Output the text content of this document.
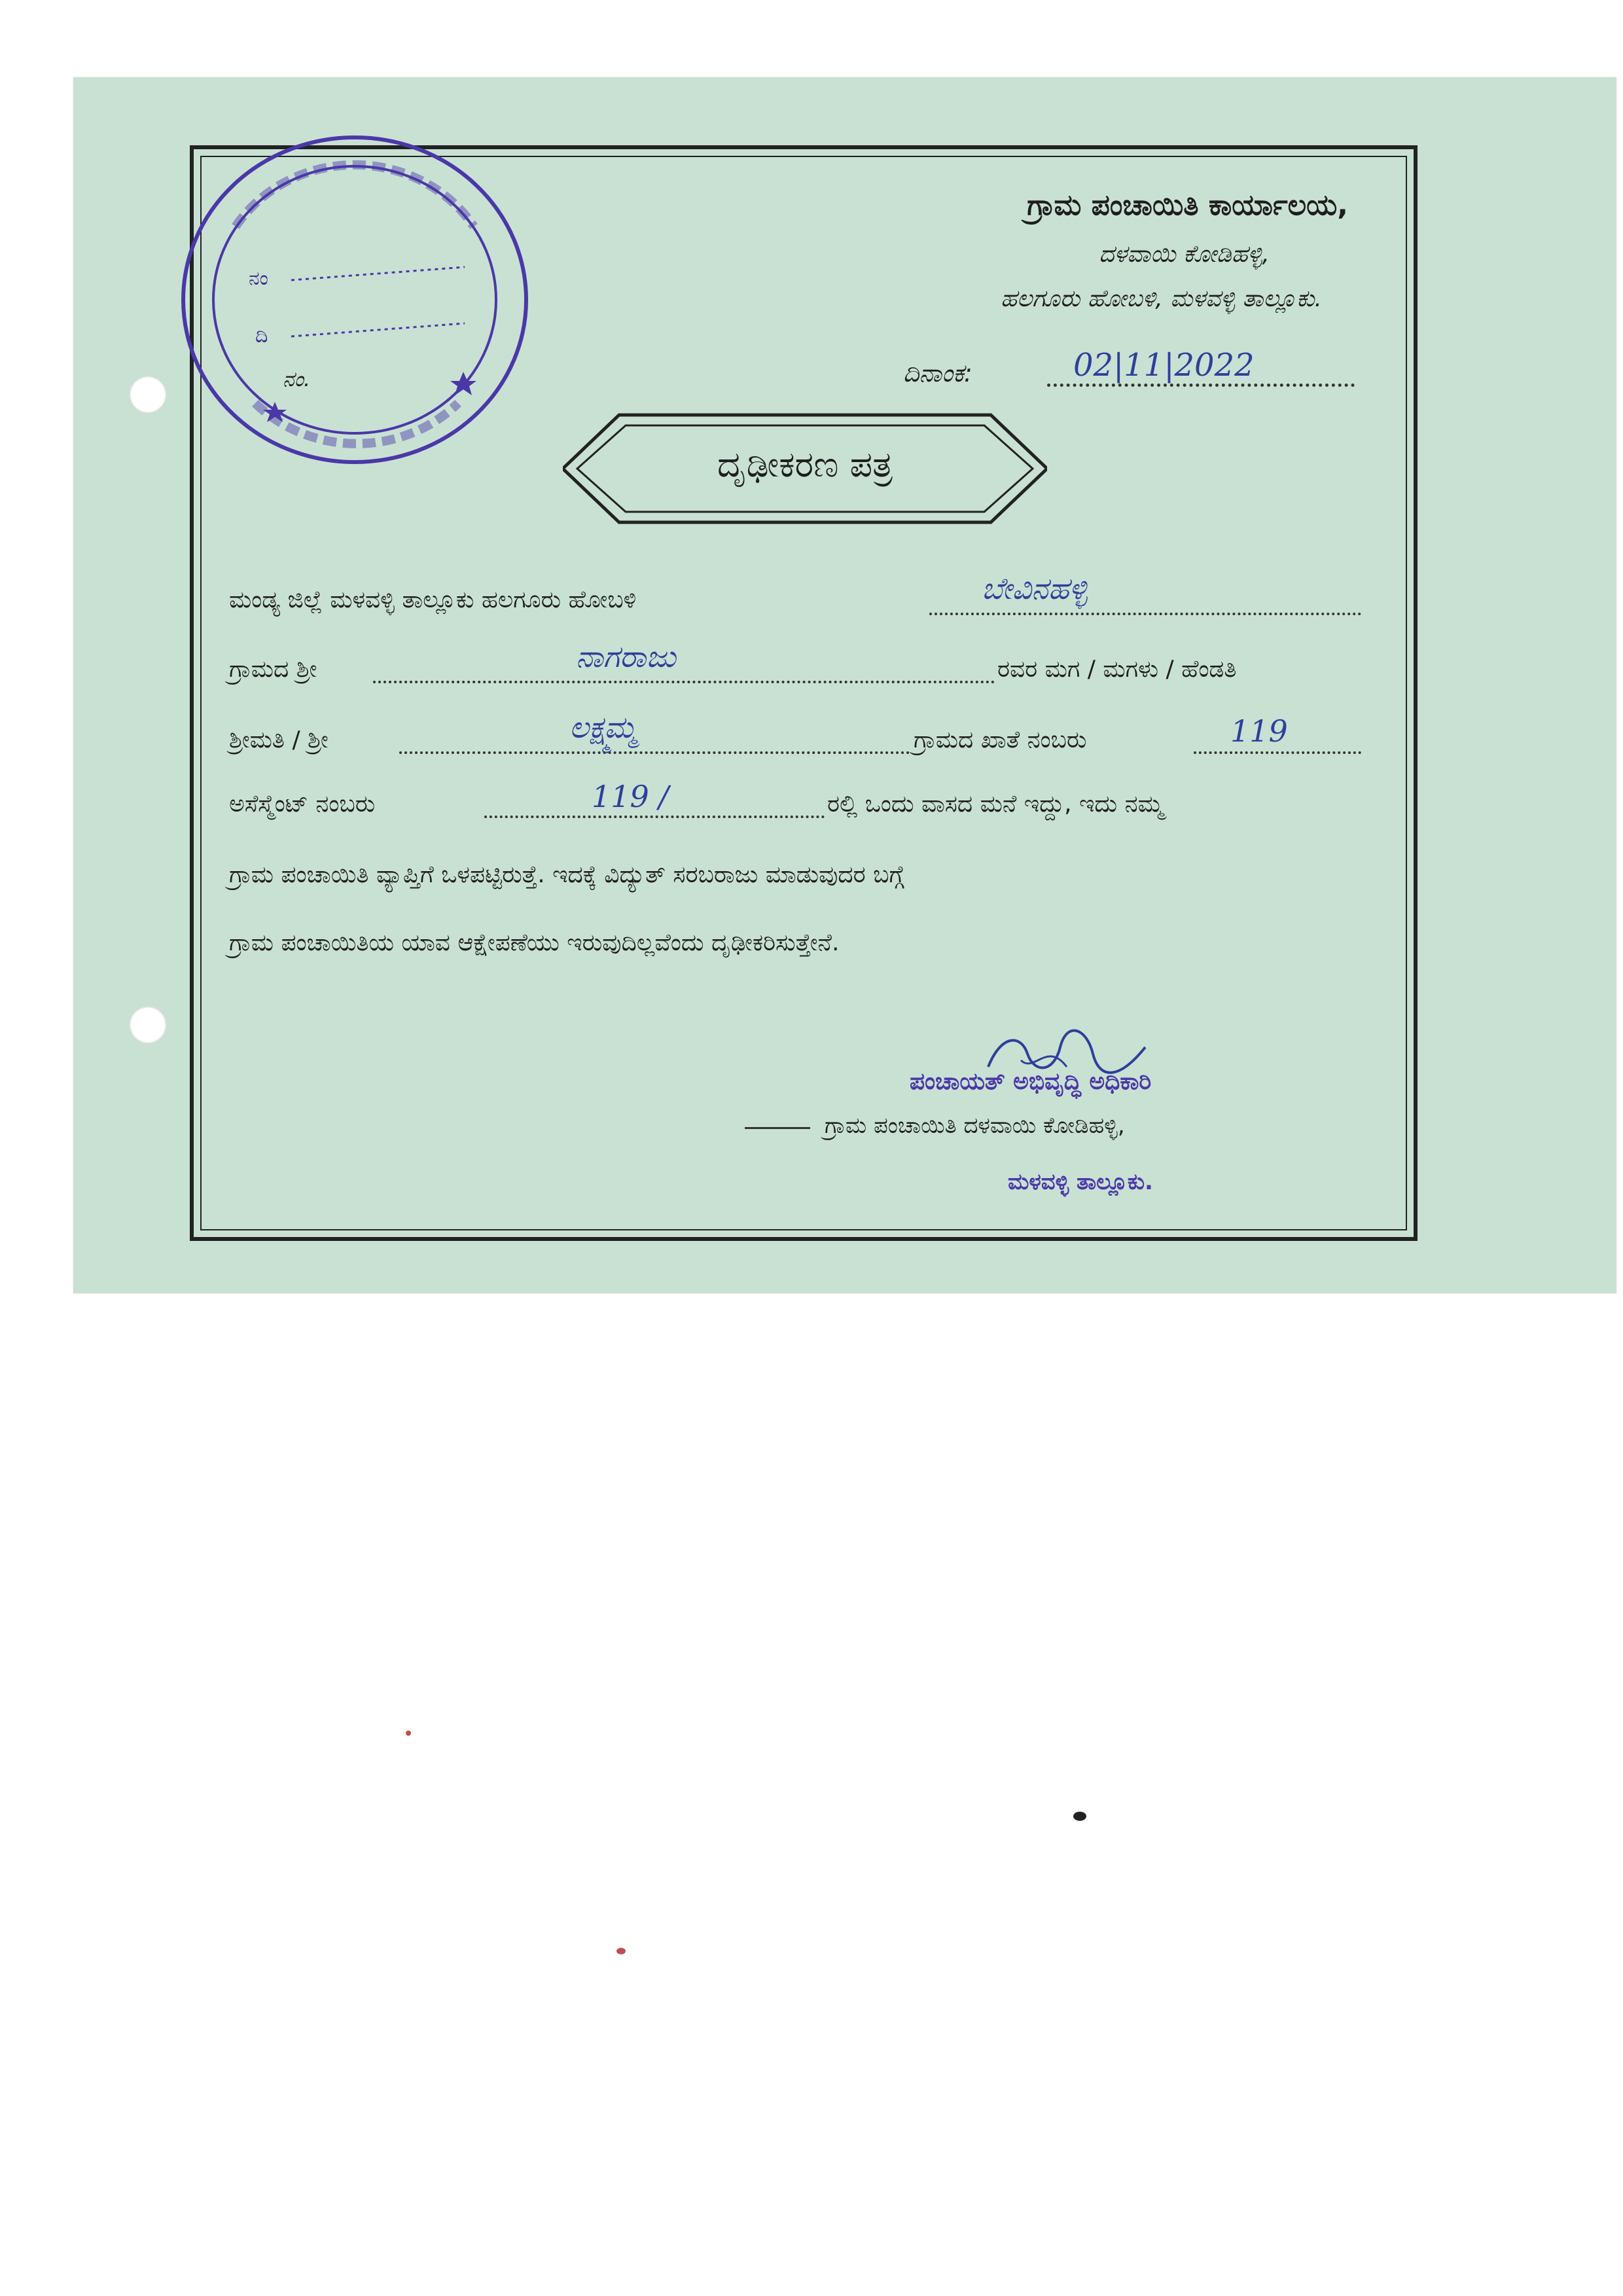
ನಂ
ದಿ
ನಂ.
ಗ್ರಾಮ ಪಂಚಾಯಿತಿ ಕಾರ್ಯಾಲಯ,
ದಳವಾಯಿ ಕೋಡಿಹಳ್ಳಿ,
ಹಲಗೂರು ಹೋಬಳಿ, ಮಳವಳ್ಳಿ ತಾಲ್ಲೂಕು.
ದಿನಾಂಕ:	02|11|2022
ದೃಢೀಕರಣ ಪತ್ರ
ಮಂಡ್ಯ ಜಿಲ್ಲೆ ಮಳವಳ್ಳಿ ತಾಲ್ಲೂಕು ಹಲಗೂರು ಹೋಬಳಿ	ಬೇವಿನಹಳ್ಳಿ
ಗ್ರಾಮದ ಶ್ರೀ	ನಾಗರಾಜು	ರವರ ಮಗ / ಮಗಳು / ಹೆಂಡತಿ
ಶ್ರೀಮತಿ / ಶ್ರೀ	ಲಕ್ಷ್ಮಮ್ಮ	ಗ್ರಾಮದ ಖಾತೆ ನಂಬರು	119
ಅಸೆಸ್ಮೆಂಟ್ ನಂಬರು	119 /	ರಲ್ಲಿ ಒಂದು ವಾಸದ ಮನೆ ಇದ್ದು, ಇದು ನಮ್ಮ
ಗ್ರಾಮ ಪಂಚಾಯಿತಿ ವ್ಯಾಪ್ತಿಗೆ ಒಳಪಟ್ಟಿರುತ್ತೆ. ಇದಕ್ಕೆ ವಿದ್ಯುತ್ ಸರಬರಾಜು ಮಾಡುವುದರ ಬಗ್ಗೆ
ಗ್ರಾಮ ಪಂಚಾಯಿತಿಯ ಯಾವ ಆಕ್ಷೇಪಣೆಯು ಇರುವುದಿಲ್ಲವೆಂದು ದೃಢೀಕರಿಸುತ್ತೇನೆ.
ಪಂಚಾಯತ್ ಅಭಿವೃದ್ಧಿ ಅಧಿಕಾರಿ
ಗ್ರಾಮ ಪಂಚಾಯಿತಿ ದಳವಾಯಿ ಕೋಡಿಹಳ್ಳಿ,
ಮಳವಳ್ಳಿ ತಾಲ್ಲೂಕು.
